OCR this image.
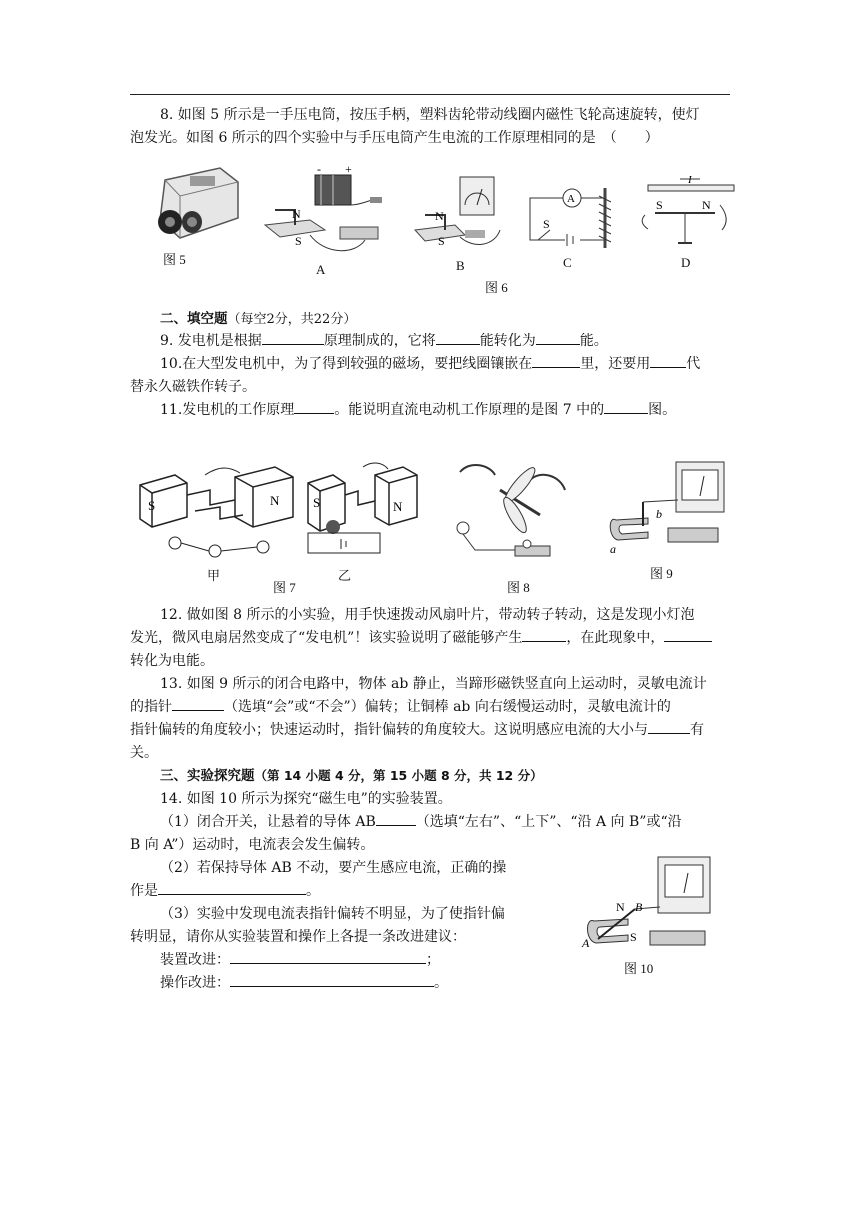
8. 如图 5 所示是一手压电筒，按压手柄，塑料齿轮带动线圈内磁性飞轮高速旋转，使灯
泡发光。如图 6 所示的四个实验中与手压电筒产生电流的工作原理相同的是　（　　）
图 5
N
S
- +
A
N
S
B
A
S
C
I
S	N
D
图 6
二、填空题（每空2分，共22分）
9. 发电机是根据	原理制成的，它将	能转化为	能。
10.在大型发电机中，为了得到较强的磁场，要把线圈镶嵌在	里，还要用	代
替永久磁铁作转子。
11.发电机的工作原理	。能说明直流电动机工作原理的是图 7 中的	图。
S	N
甲
S	N
乙
图 7	图 8
b
a
图 9
12. 做如图 8 所示的小实验，用手快速拨动风扇叶片，带动转子转动，这是发现小灯泡
发光，微风电扇居然变成了“发电机”！该实验说明了磁能够产生	，在此现象中，
转化为电能。
13. 如图 9 所示的闭合电路中，物体 ab 静止，当蹄形磁铁竖直向上运动时，灵敏电流计
的指针	（选填“会”或“不会”）偏转；让铜棒 ab 向右缓慢运动时，灵敏电流计的
指针偏转的角度较小；快速运动时，指针偏转的角度较大。这说明感应电流的大小与	有
关。
三、实验探究题（第 14 小题 4 分，第 15 小题 8 分，共 12 分）
14. 如图 10 所示为探究“磁生电”的实验装置。
（1）闭合开关，让悬着的导体 AB	（选填“左右”、“上下”、“沿 A 向 B”或“沿
B 向 A”）运动时，电流表会发生偏转。
（2）若保持导体 AB 不动，要产生感应电流，正确的操
作是	。
（3）实验中发现电流表指针偏转不明显，为了使指针偏
转明显，请你从实验装置和操作上各提一条改进建议：
装置改进：	；
操作改进：	。
N B
S
A
图 10
